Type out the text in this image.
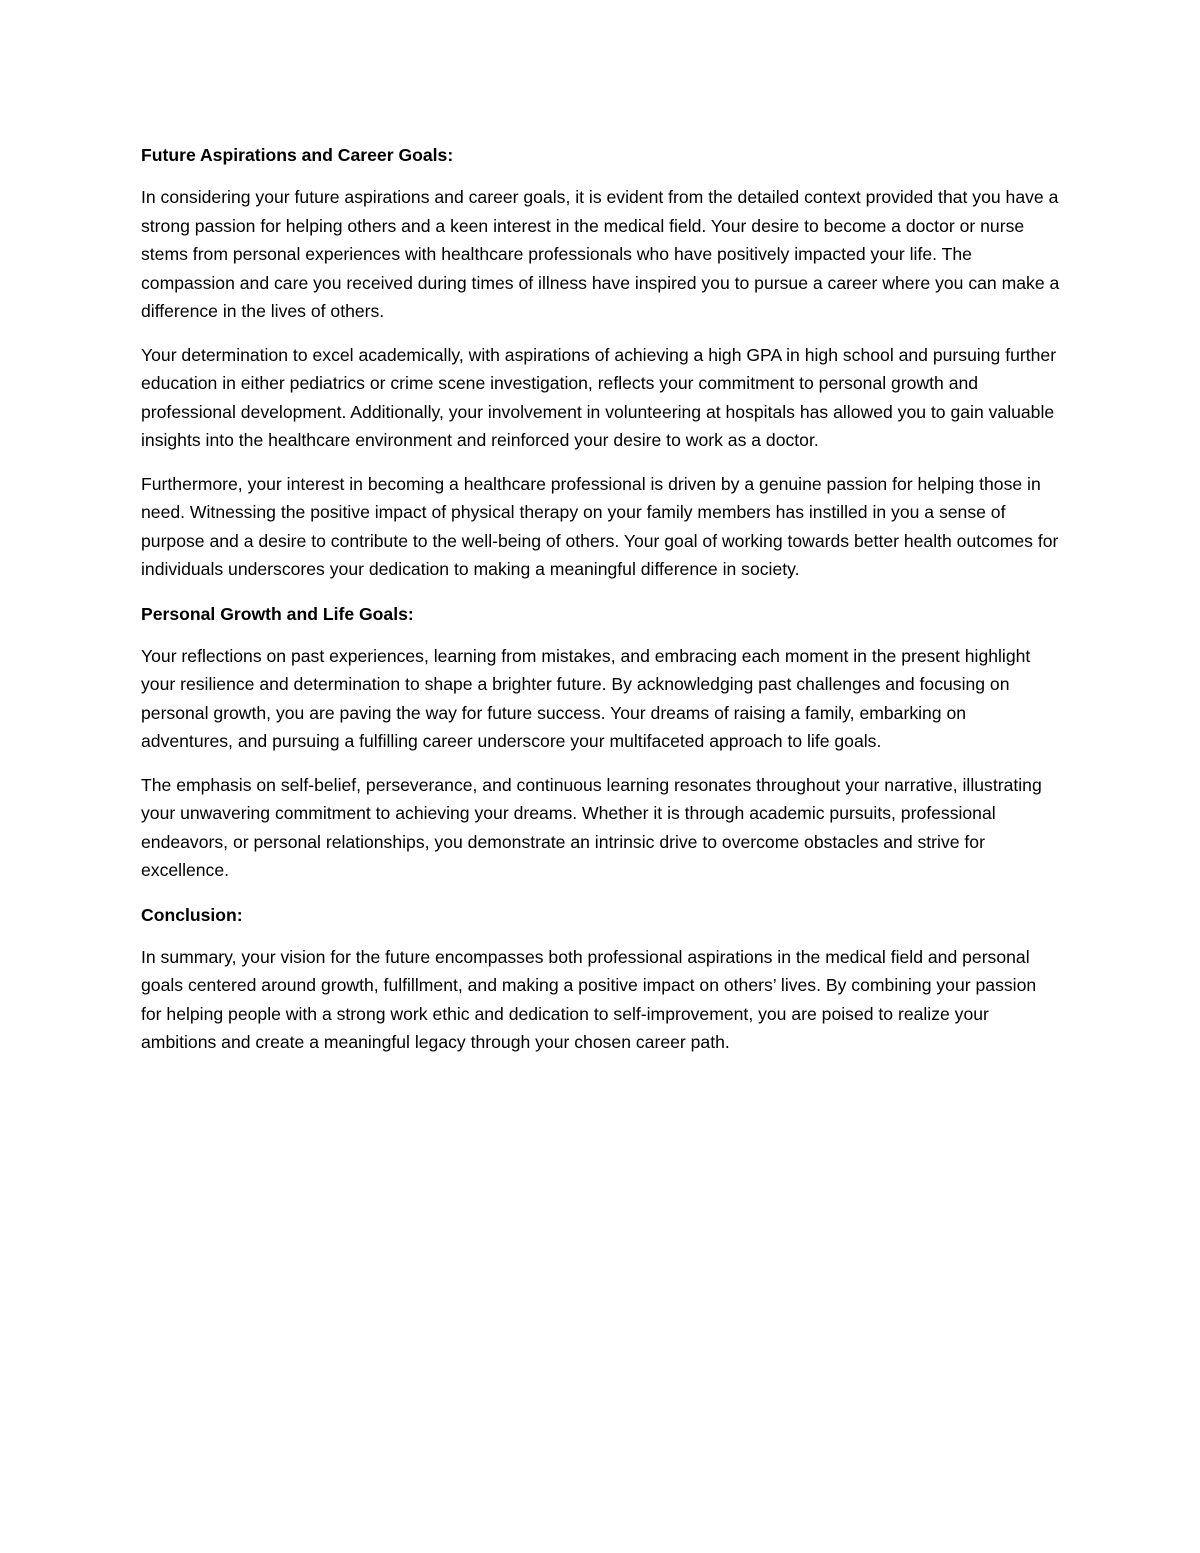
Future Aspirations and Career Goals:

In considering your future aspirations and career goals, it is evident from the detailed context provided that you have a strong passion for helping others and a keen interest in the medical field. Your desire to become a doctor or nurse stems from personal experiences with healthcare professionals who have positively impacted your life. The compassion and care you received during times of illness have inspired you to pursue a career where you can make a difference in the lives of others.

Your determination to excel academically, with aspirations of achieving a high GPA in high school and pursuing further education in either pediatrics or crime scene investigation, reflects your commitment to personal growth and professional development. Additionally, your involvement in volunteering at hospitals has allowed you to gain valuable insights into the healthcare environment and reinforced your desire to work as a doctor.

Furthermore, your interest in becoming a healthcare professional is driven by a genuine passion for helping those in need. Witnessing the positive impact of physical therapy on your family members has instilled in you a sense of purpose and a desire to contribute to the well-being of others. Your goal of working towards better health outcomes for individuals underscores your dedication to making a meaningful difference in society.

Personal Growth and Life Goals:

Your reflections on past experiences, learning from mistakes, and embracing each moment in the present highlight your resilience and determination to shape a brighter future. By acknowledging past challenges and focusing on personal growth, you are paving the way for future success. Your dreams of raising a family, embarking on adventures, and pursuing a fulfilling career underscore your multifaceted approach to life goals.

The emphasis on self-belief, perseverance, and continuous learning resonates throughout your narrative, illustrating your unwavering commitment to achieving your dreams. Whether it is through academic pursuits, professional endeavors, or personal relationships, you demonstrate an intrinsic drive to overcome obstacles and strive for excellence.

Conclusion:

In summary, your vision for the future encompasses both professional aspirations in the medical field and personal goals centered around growth, fulfillment, and making a positive impact on others’ lives. By combining your passion for helping people with a strong work ethic and dedication to self-improvement, you are poised to realize your ambitions and create a meaningful legacy through your chosen career path.
